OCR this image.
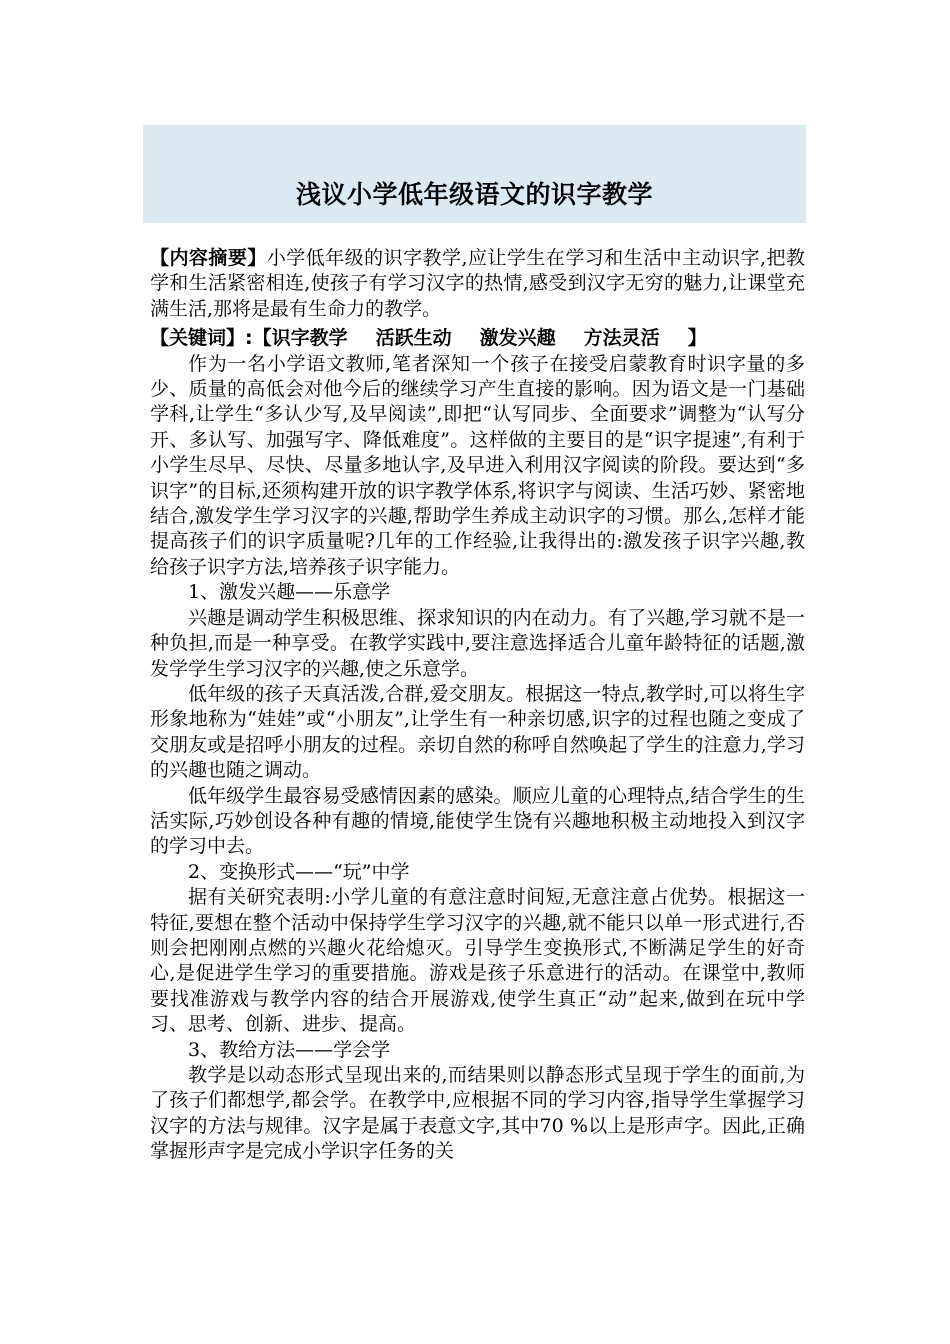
浅议小学低年级语文的识字教学

【内容摘要】小学低年级的识字教学,应让学生在学习和生活中主动识字,把教学和生活紧密相连,使孩子有学习汉字的热情,感受到汉字无穷的魅力,让课堂充满生活,那将是最有生命力的教学。

【关键词】:【识字教学 活跃生动 激发兴趣 方法灵活 】

作为一名小学语文教师,笔者深知一个孩子在接受启蒙教育时识字量的多少、质量的高低会对他今后的继续学习产生直接的影响。因为语文是一门基础学科,让学生“多认少写,及早阅读”,即把“认写同步、全面要求”调整为“认写分开、多认写、加强写字、降低难度”。这样做的主要目的是“识字提速”,有利于小学生尽早、尽快、尽量多地认字,及早进入利用汉字阅读的阶段。要达到“多识字”的目标,还须构建开放的识字教学体系,将识字与阅读、生活巧妙、紧密地结合,激发学生学习汉字的兴趣,帮助学生养成主动识字的习惯。那么,怎样才能提高孩子们的识字质量呢?几年的工作经验,让我得出的:激发孩子识字兴趣,教给孩子识字方法,培养孩子识字能力。

1、激发兴趣——乐意学

兴趣是调动学生积极思维、探求知识的内在动力。有了兴趣,学习就不是一种负担,而是一种享受。在教学实践中,要注意选择适合儿童年龄特征的话题,激发学学生学习汉字的兴趣,使之乐意学。

低年级的孩子天真活泼,合群,爱交朋友。根据这一特点,教学时,可以将生字形象地称为“娃娃”或“小朋友”,让学生有一种亲切感,识字的过程也随之变成了交朋友或是招呼小朋友的过程。亲切自然的称呼自然唤起了学生的注意力,学习的兴趣也随之调动。

低年级学生最容易受感情因素的感染。顺应儿童的心理特点,结合学生的生活实际,巧妙创设各种有趣的情境,能使学生饶有兴趣地积极主动地投入到汉字的学习中去。

2、变换形式——“玩”中学

据有关研究表明:小学儿童的有意注意时间短,无意注意占优势。根据这一特征,要想在整个活动中保持学生学习汉字的兴趣,就不能只以单一形式进行,否则会把刚刚点燃的兴趣火花给熄灭。引导学生变换形式,不断满足学生的好奇心,是促进学生学习的重要措施。游戏是孩子乐意进行的活动。在课堂中,教师要找准游戏与教学内容的结合开展游戏,使学生真正“动”起来,做到在玩中学习、思考、创新、进步、提高。

3、教给方法——学会学

教学是以动态形式呈现出来的,而结果则以静态形式呈现于学生的面前,为了孩子们都想学,都会学。在教学中,应根据不同的学习内容,指导学生掌握学习汉字的方法与规律。汉字是属于表意文字,其中70 %以上是形声字。因此,正确掌握形声字是完成小学识字任务的关
